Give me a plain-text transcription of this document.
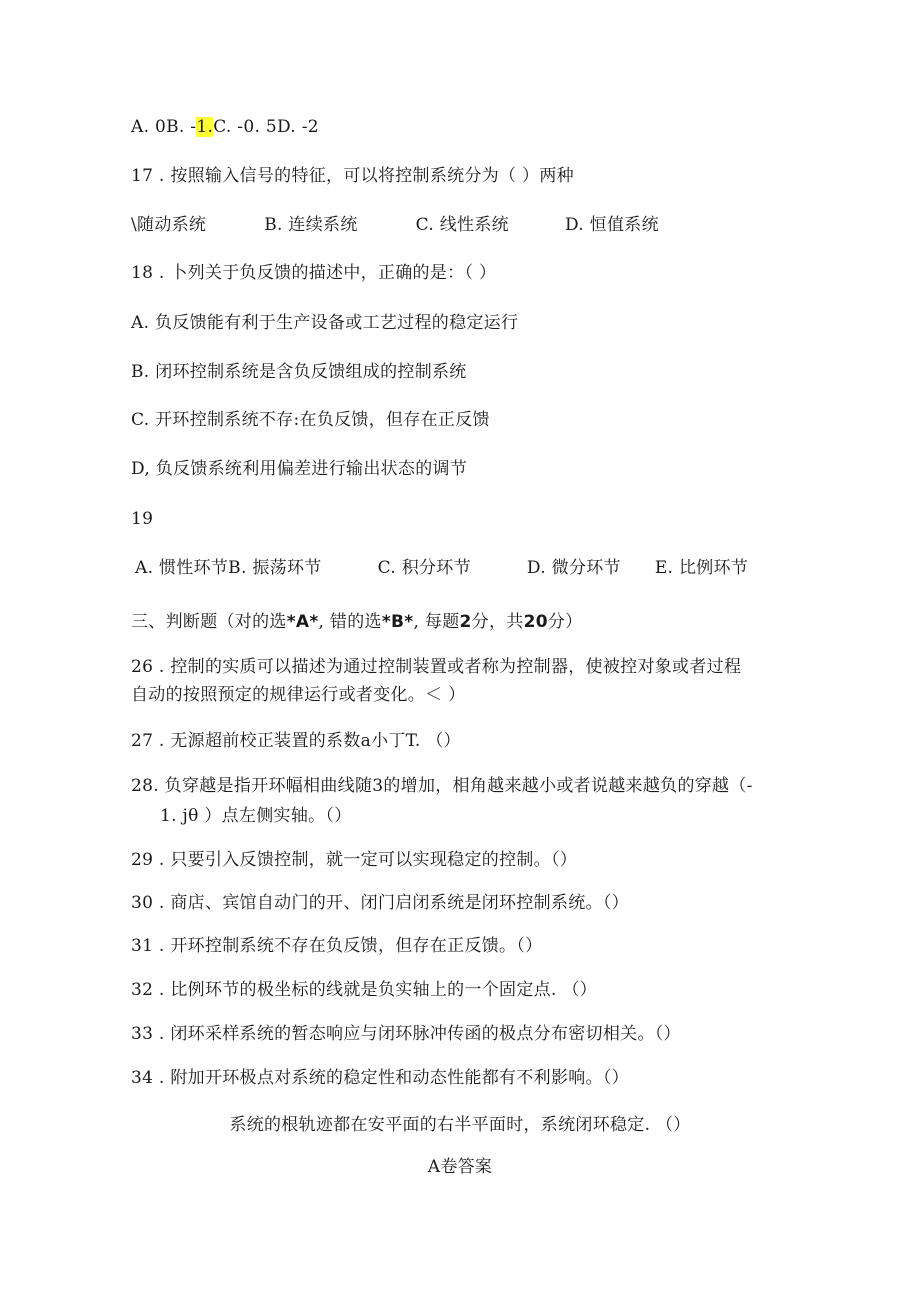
A. 0B. -1.C. -0. 5D. -2
17 . 按照输入信号的特征，可以将控制系统分为（ ）两种
\随动系统	B. 连续系统	C. 线性系统	D. 恒值系统
18 . 卜列关于负反馈的描述中，正确的是：（ ）
A. 负反馈能有利于生产设备或工艺过程的稳定运行
B. 闭环控制系统是含负反馈组成的控制系统
C. 开环控制系统不存:在负反馈，但存在正反馈
D, 负反馈系统利用偏差进行输出状态的调节
19
A. 惯性环节B. 振荡环节	C. 积分环节	D. 微分环节 E. 比例环节
三、判断题（对的选*A*, 错的选*B*, 每题2分，共20分）
26 . 控制的实质可以描述为通过控制装置或者称为控制器，使被控对象或者过程
自动的按照预定的规律运行或者变化。＜ ）
27 . 无源超前校正装置的系数a小丁T. （）
28. 负穿越是指开环幅相曲线随3的增加，相角越来越小或者说越来越负的穿越（-
1. jθ ）点左侧实轴。（）
29 . 只要引入反馈控制，就一定可以实现稳定的控制。（）
30 . 商店、宾馆自动门的开、闭门启闭系统是闭环控制系统。（）
31 . 开环控制系统不存在负反馈，但存在正反馈。（）
32 . 比例环节的极坐标的线就是负实轴上的一个固定点. （）
33 . 闭环采样系统的暂态响应与闭环脉冲传函的极点分布密切相关。（）
34 . 附加开环极点对系统的稳定性和动态性能都有不利影响。（）
系统的根轨迹都在安平面的右半平面时，系统闭环稳定. （）
A卷答案
